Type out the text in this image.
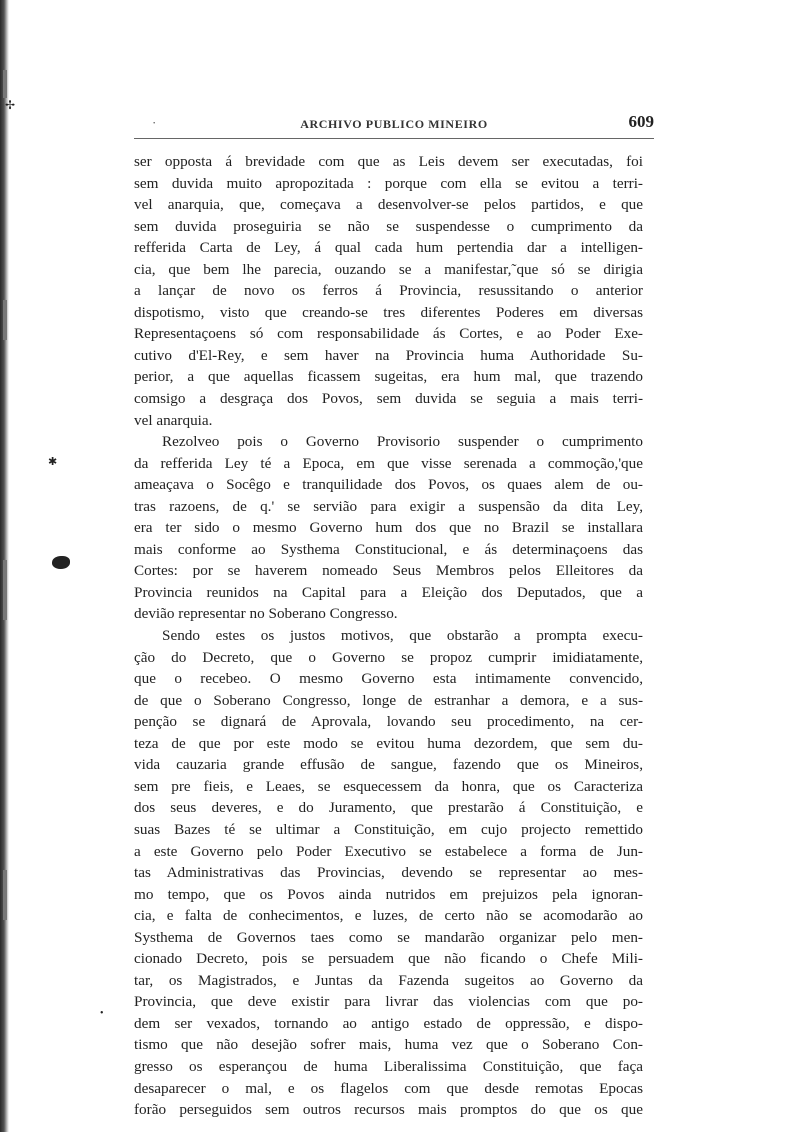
✢
✱
•
·	ARCHIVO PUBLICO MINEIRO	609
ser opposta á brevidade com que as Leis devem ser executadas, foi
sem duvida muito apropozitada : porque com ella se evitou a terri-
vel anarquia, que, começava a desenvolver-se pelos partidos, e que
sem duvida proseguiria se não se suspendesse o cumprimento da
refferida Carta de Ley, á qual cada hum pertendia dar a intelligen-
cia, que bem lhe parecia, ouzando se a manifestar,˜que só se dirigia
a lançar de novo os ferros á Provincia, resussitando o anterior
dispotismo, visto que creando-se tres diferentes Poderes em diversas
Representaçoens só com responsabilidade ás Cortes, e ao Poder Exe-
cutivo d'El-Rey, e sem haver na Provincia huma Authoridade Su-
perior, a que aquellas ficassem sugeitas, era hum mal, que trazendo
comsigo a desgraça dos Povos, sem duvida se seguia a mais terri-
vel anarquia.
Rezolveo pois o Governo Provisorio suspender o cumprimento
da refferida Ley té a Epoca, em que visse serenada a commoção,'que
ameaçava o Socêgo e tranquilidade dos Povos, os quaes alem de ou-
tras razoens, de q.' se servião para exigir a suspensão da dita Ley,
era ter sido o mesmo Governo hum dos que no Brazil se installara
mais conforme ao Systhema Constitucional, e ás determinaçoens das
Cortes: por se haverem nomeado Seus Membros pelos Elleitores da
Provincia reunidos na Capital para a Eleição dos Deputados, que a
devião representar no Soberano Congresso.
Sendo estes os justos motivos, que obstarão a prompta execu-
ção do Decreto, que o Governo se propoz cumprir imidiatamente,
que o recebeo. O mesmo Governo esta intimamente convencido,
de que o Soberano Congresso, longe de estranhar a demora, e a sus-
penção se dignará de Aprovala, lovando seu procedimento, na cer-
teza de que por este modo se evitou huma dezordem, que sem du-
vida cauzaria grande effusão de sangue, fazendo que os Mineiros,
sem pre fieis, e Leaes, se esquecessem da honra, que os Caracteriza
dos seus deveres, e do Juramento, que prestarão á Constituição, e
suas Bazes té se ultimar a Constituição, em cujo projecto remettido
a este Governo pelo Poder Executivo se estabelece a forma de Jun-
tas Administrativas das Provincias, devendo se representar ao mes-
mo tempo, que os Povos ainda nutridos em prejuizos pela ignoran-
cia, e falta de conhecimentos, e luzes, de certo não se acomodarão ao
Systhema de Governos taes como se mandarão organizar pelo men-
cionado Decreto, pois se persuadem que não ficando o Chefe Mili-
tar, os Magistrados, e Juntas da Fazenda sugeitos ao Governo da
Provincia, que deve existir para livrar das violencias com que po-
dem ser vexados, tornando ao antigo estado de oppressão, e dispo-
tismo que não desejão sofrer mais, huma vez que o Soberano Con-
gresso os esperançou de huma Liberalissima Constituição, que faça
desaparecer o mal, e os flagelos com que desde remotas Epocas
forão perseguidos sem outros recursos mais promptos do que os que
